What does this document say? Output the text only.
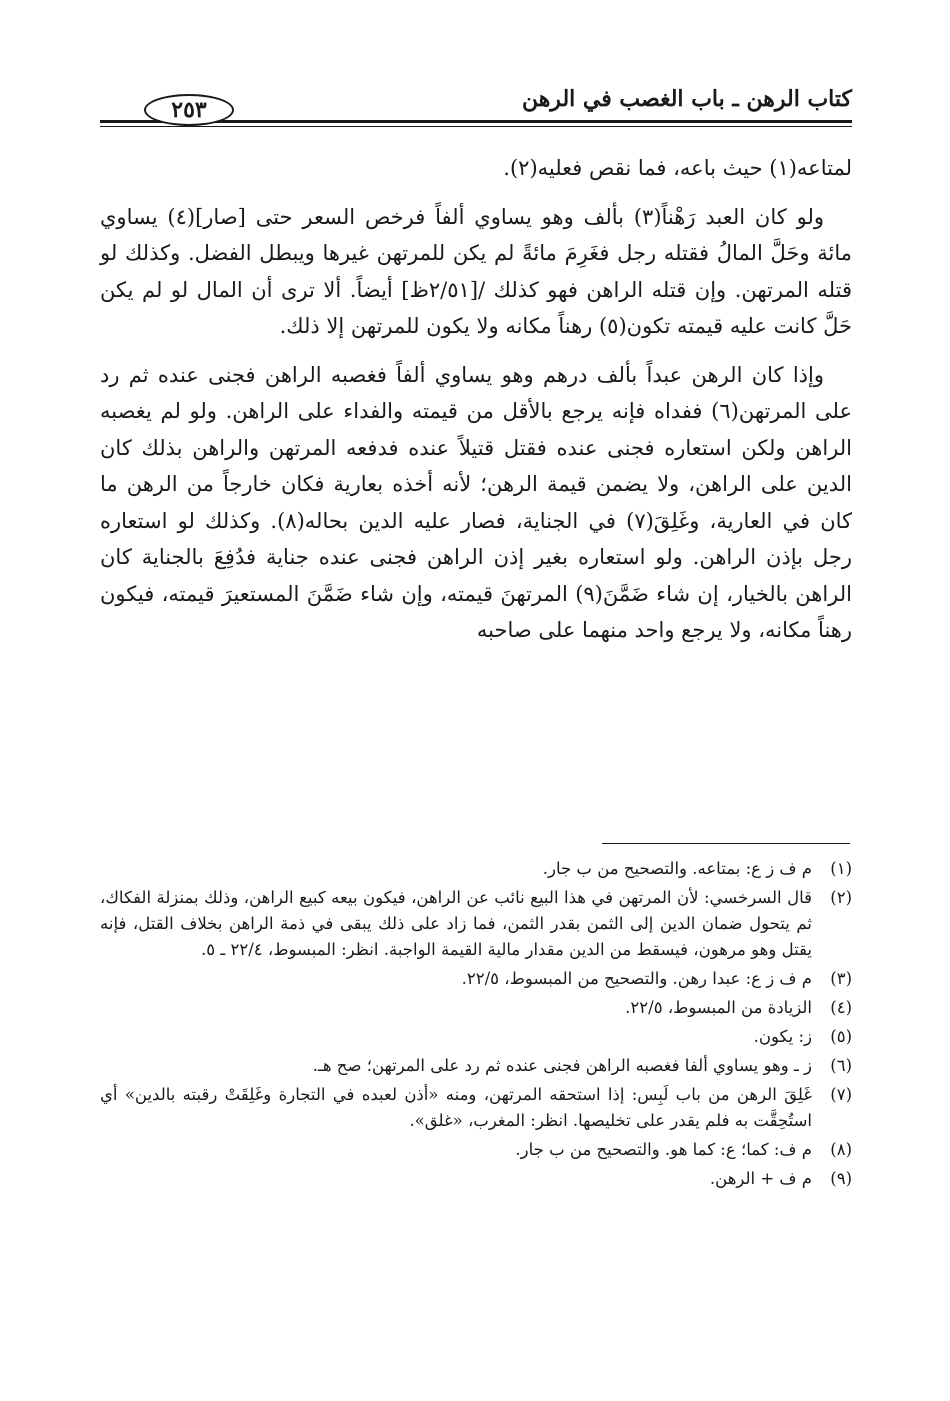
كتاب الرهن ـ باب الغصب في الرهن
٢٥٣

لمتاعه(١) حيث باعه، فما نقص فعليه(٢).

ولو كان العبد رَهْناً(٣) بألف وهو يساوي ألفاً فرخص السعر حتى [صار](٤) يساوي مائة وحَلَّ المالُ فقتله رجل فغَرِمَ مائةً لم يكن للمرتهن غيرها ويبطل الفضل. وكذلك لو قتله المرتهن. وإن قتله الراهن فهو كذلك /[٢/٥١ظ] أيضاً. ألا ترى أن المال لو لم يكن حَلَّ كانت عليه قيمته تكون(٥) رهناً مكانه ولا يكون للمرتهن إلا ذلك.

وإذا كان الرهن عبداً بألف درهم وهو يساوي ألفاً فغصبه الراهن فجنى عنده ثم رد على المرتهن(٦) ففداه فإنه يرجع بالأقل من قيمته والفداء على الراهن. ولو لم يغصبه الراهن ولكن استعاره فجنى عنده فقتل قتيلاً عنده فدفعه المرتهن والراهن بذلك كان الدين على الراهن، ولا يضمن قيمة الرهن؛ لأنه أخذه بعارية فكان خارجاً من الرهن ما كان في العارية، وغَلِقَ(٧) في الجناية، فصار عليه الدين بحاله(٨). وكذلك لو استعاره رجل بإذن الراهن. ولو استعاره بغير إذن الراهن فجنى عنده جناية فدُفِعَ بالجناية كان الراهن بالخيار، إن شاء ضَمَّنَ(٩) المرتهنَ قيمته، وإن شاء ضَمَّنَ المستعيرَ قيمته، فيكون رهناً مكانه، ولا يرجع واحد منهما على صاحبه

(١)
م ف ز ع: بمتاعه. والتصحيح من ب جار.
(٢)
قال السرخسي: لأن المرتهن في هذا البيع نائب عن الراهن، فيكون بيعه كبيع الراهن، وذلك بمنزلة الفكاك، ثم يتحول ضمان الدين إلى الثمن بقدر الثمن، فما زاد على ذلك يبقى في ذمة الراهن بخلاف القتل، فإنه يقتل وهو مرهون، فيسقط من الدين مقدار مالية القيمة الواجبة. انظر: المبسوط، ٢٢/٤ ـ ٥.
(٣)
م ف ز ع: عبدا رهن. والتصحيح من المبسوط، ٢٢/٥.
(٤)
الزيادة من المبسوط، ٢٢/٥.
(٥)
ز: يكون.
(٦)
ز ـ وهو يساوي ألفا فغصبه الراهن فجنى عنده ثم رد على المرتهن؛ صح هـ.
(٧)
غَلِقَ الرهن من باب لَبِس: إذا استحقه المرتهن، ومنه «أذن لعبده في التجارة وغَلِقَتْ رقبته بالدين» أي استُحِقَّت به فلم يقدر على تخليصها. انظر: المغرب، «غلق».
(٨)
م ف: كما؛ ع: كما هو. والتصحيح من ب جار.
(٩)
م ف + الرهن.
